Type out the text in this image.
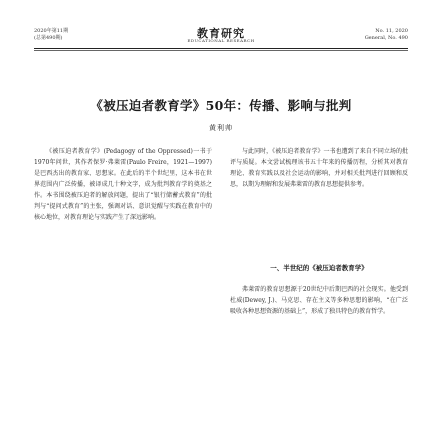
2020年第11期
(总第490期)	教育研究
EDUCATIONAL RESEARCH
No. 11, 2020
General, No. 490
《被压迫者教育学》50年：传播、影响与批判
黄利帅

《被压迫者教育学》(Pedagogy of the Oppressed)一书于1970年问世，其作者保罗·弗莱雷(Paulo Freire，1921—1997)是巴西杰出的教育家、思想家。在此后的半个世纪里，这本书在世界范围内广泛传播，被译成几十种文字，成为批判教育学的奠基之作。本书围绕被压迫者的解放问题，提出了“银行储蓄式教育”的批判与“提问式教育”的主张，强调对话、意识觉醒与实践在教育中的核心地位，对教育理论与实践产生了深远影响。

与此同时，《被压迫者教育学》一书也遭到了来自不同立场的批评与质疑。本文尝试梳理该书五十年来的传播历程，分析其对教育理论、教育实践以及社会运动的影响，并对相关批判进行回顾和反思，以期为理解和发展弗莱雷的教育思想提供参考。

一、半世纪的《被压迫者教育学》

弗莱雷的教育思想源于20世纪中后期巴西的社会现实。他受到杜威(Dewey, J.)、马克思、存在主义等多种思想的影响，“在广泛吸收各种思想资源的基础上”，形成了独具特色的教育哲学。
